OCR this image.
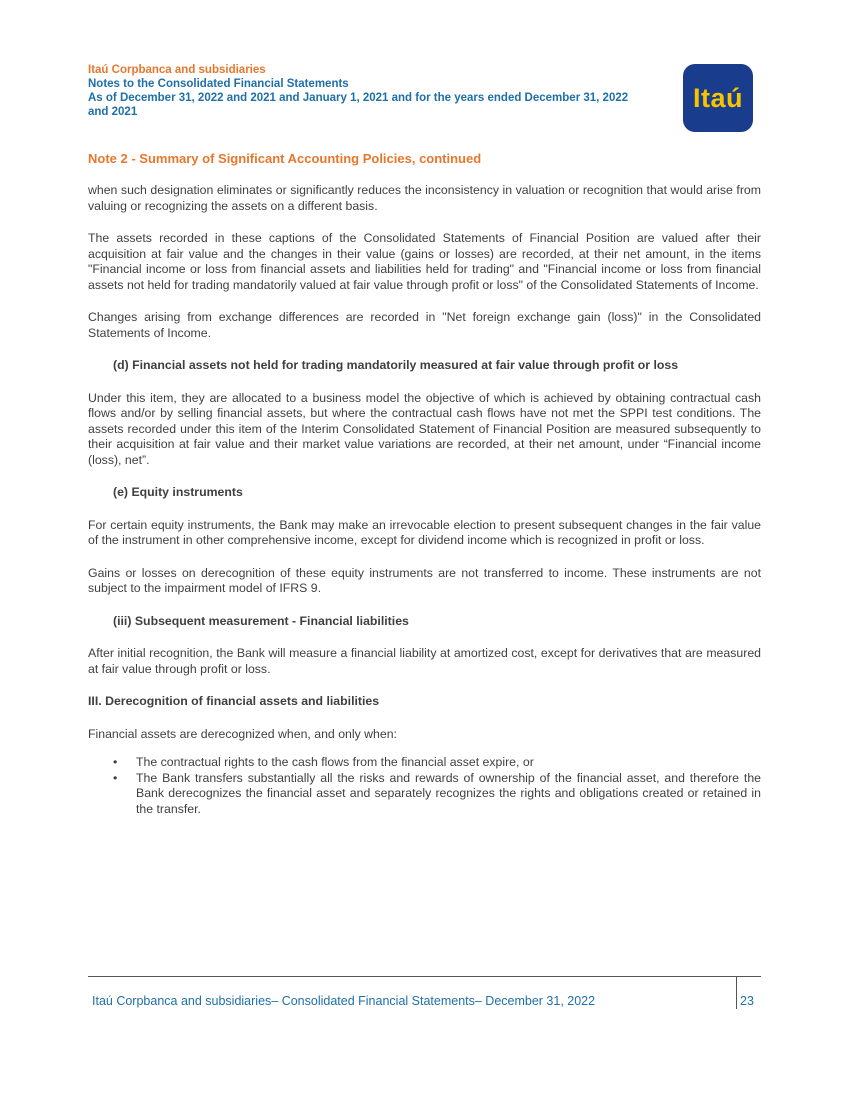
Itaú Corpbanca and subsidiaries
Notes to the Consolidated Financial Statements
As of December 31, 2022 and 2021 and January 1, 2021 and for the years ended December 31, 2022
and 2021	Itaú
Note 2 - Summary of Significant Accounting Policies, continued

when such designation eliminates or significantly reduces the inconsistency in valuation or recognition that would arise from valuing or recognizing the assets on a different basis.

The assets recorded in these captions of the Consolidated Statements of Financial Position are valued after their acquisition at fair value and the changes in their value (gains or losses) are recorded, at their net amount, in the items "Financial income or loss from financial assets and liabilities held for trading" and "Financial income or loss from financial assets not held for trading mandatorily valued at fair value through profit or loss" of the Consolidated Statements of Income.

Changes arising from exchange differences are recorded in "Net foreign exchange gain (loss)" in the Consolidated Statements of Income.

(d) Financial assets not held for trading mandatorily measured at fair value through profit or loss

Under this item, they are allocated to a business model the objective of which is achieved by obtaining contractual cash flows and/or by selling financial assets, but where the contractual cash flows have not met the SPPI test conditions. The assets recorded under this item of the Interim Consolidated Statement of Financial Position are measured subsequently to their acquisition at fair value and their market value variations are recorded, at their net amount, under “Financial income (loss), net”.

(e) Equity instruments

For certain equity instruments, the Bank may make an irrevocable election to present subsequent changes in the fair value of the instrument in other comprehensive income, except for dividend income which is recognized in profit or loss.

Gains or losses on derecognition of these equity instruments are not transferred to income. These instruments are not subject to the impairment model of IFRS 9.

(iii) Subsequent measurement - Financial liabilities

After initial recognition, the Bank will measure a financial liability at amortized cost, except for derivatives that are measured at fair value through profit or loss.

III. Derecognition of financial assets and liabilities

Financial assets are derecognized when, and only when:

• The contractual rights to the cash flows from the financial asset expire, or
• The Bank transfers substantially all the risks and rewards of ownership of the financial asset, and therefore the Bank derecognizes the financial asset and separately recognizes the rights and obligations created or retained in the transfer.
Itaú Corpbanca and subsidiaries– Consolidated Financial Statements– December 31, 2022	23
